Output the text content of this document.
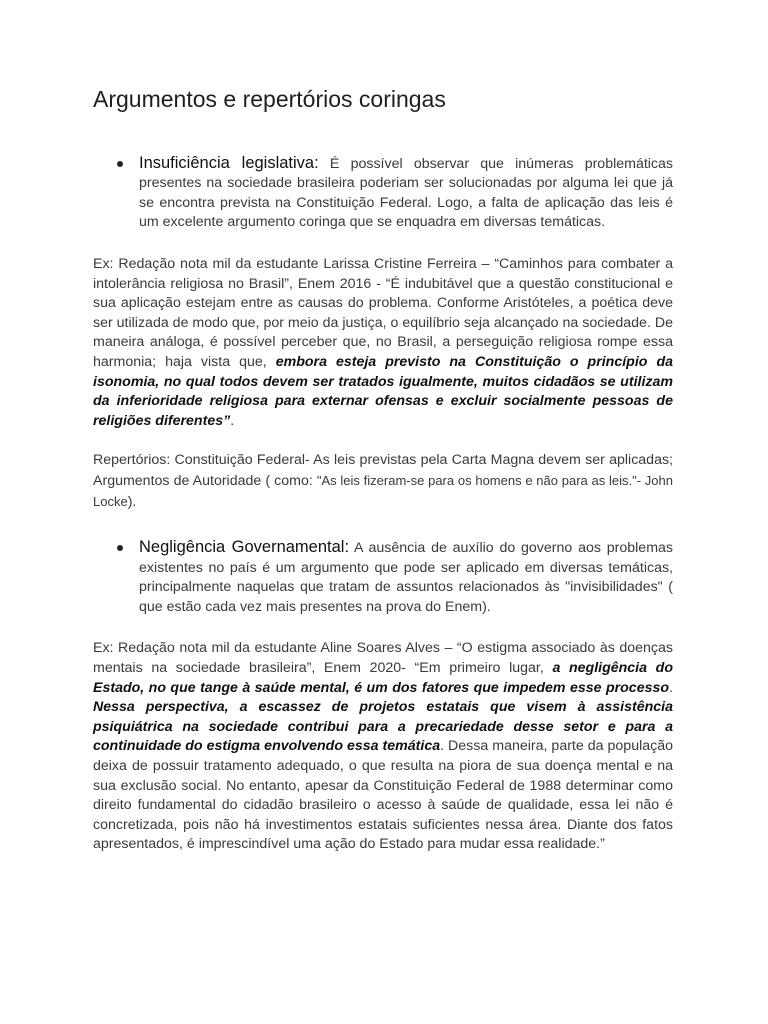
Argumentos e repertórios coringas
Insuficiência legislativa: É possível observar que inúmeras problemáticas presentes na sociedade brasileira poderiam ser solucionadas por alguma lei que já se encontra prevista na Constituição Federal. Logo, a falta de aplicação das leis é um excelente argumento coringa que se enquadra em diversas temáticas.

Ex: Redação nota mil da estudante Larissa Cristine Ferreira – “Caminhos para combater a intolerância religiosa no Brasil”, Enem 2016 - “É indubitável que a questão constitucional e sua aplicação estejam entre as causas do problema. Conforme Aristóteles, a poética deve ser utilizada de modo que, por meio da justiça, o equilíbrio seja alcançado na sociedade. De maneira análoga, é possível perceber que, no Brasil, a perseguição religiosa rompe essa harmonia; haja vista que, embora esteja previsto na Constituição o princípio da isonomia, no qual todos devem ser tratados igualmente, muitos cidadãos se utilizam da inferioridade religiosa para externar ofensas e excluir socialmente pessoas de religiões diferentes”.

Repertórios: Constituição Federal- As leis previstas pela Carta Magna devem ser aplicadas; Argumentos de Autoridade ( como: "As leis fizeram-se para os homens e não para as leis."- John Locke).

Negligência Governamental: A ausência de auxílio do governo aos problemas existentes no país é um argumento que pode ser aplicado em diversas temáticas, principalmente naquelas que tratam de assuntos relacionados às "invisibilidades" ( que estão cada vez mais presentes na prova do Enem).

Ex: Redação nota mil da estudante Aline Soares Alves – “O estigma associado às doenças mentais na sociedade brasileira”, Enem 2020- “Em primeiro lugar, a negligência do Estado, no que tange à saúde mental, é um dos fatores que impedem esse processo. Nessa perspectiva, a escassez de projetos estatais que visem à assistência psiquiátrica na sociedade contribui para a precariedade desse setor e para a continuidade do estigma envolvendo essa temática. Dessa maneira, parte da população deixa de possuir tratamento adequado, o que resulta na piora de sua doença mental e na sua exclusão social. No entanto, apesar da Constituição Federal de 1988 determinar como direito fundamental do cidadão brasileiro o acesso à saúde de qualidade, essa lei não é concretizada, pois não há investimentos estatais suficientes nessa área. Diante dos fatos apresentados, é imprescindível uma ação do Estado para mudar essa realidade.”
